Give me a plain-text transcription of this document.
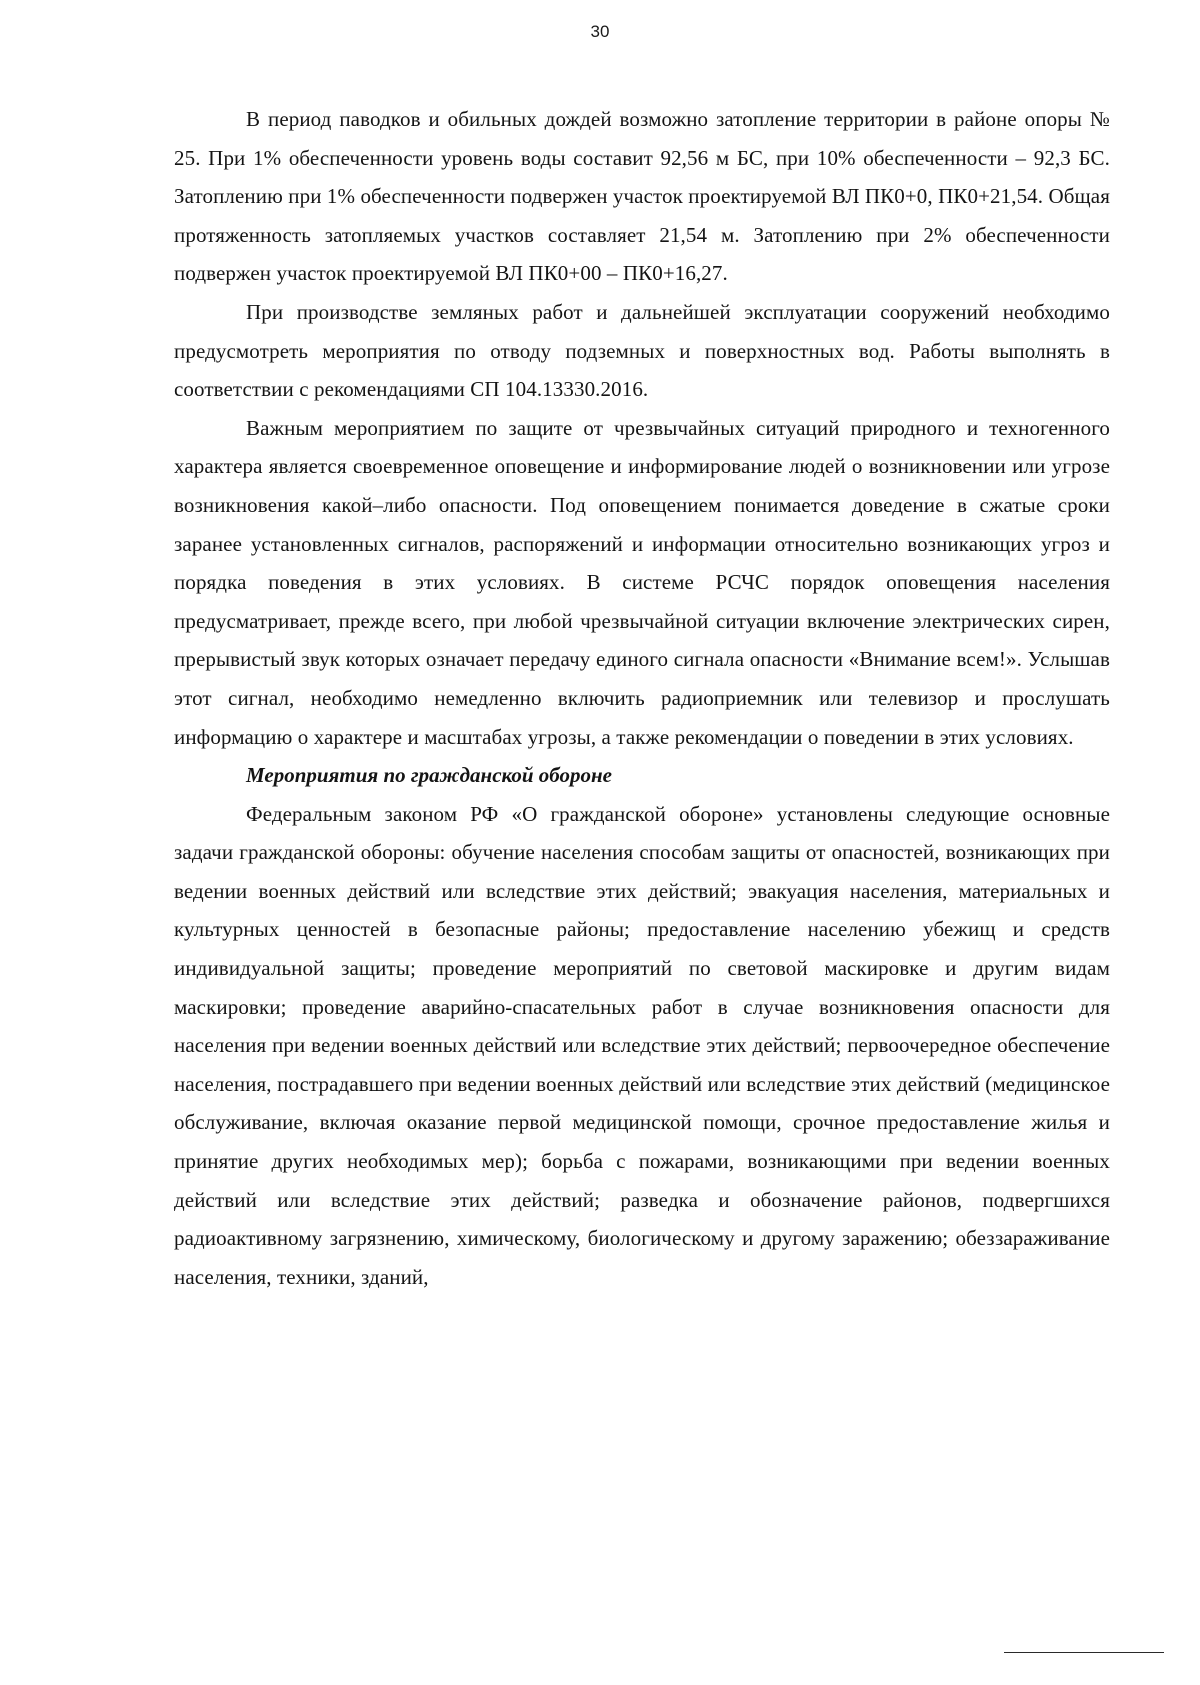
30

В период паводков и обильных дождей возможно затопление территории в районе опоры № 25. При 1% обеспеченности уровень воды составит 92,56 м БС, при 10% обеспеченности – 92,3 БС. Затоплению при 1% обеспеченности подвержен участок проектируемой ВЛ ПК0+0, ПК0+21,54. Общая протяженность затопляемых участков составляет 21,54 м. Затоплению при 2% обеспеченности подвержен участок проектируемой ВЛ ПК0+00 – ПК0+16,27.

При производстве земляных работ и дальнейшей эксплуатации сооружений необходимо предусмотреть мероприятия по отводу подземных и поверхностных вод. Работы выполнять в соответствии с рекомендациями СП 104.13330.2016.

Важным мероприятием по защите от чрезвычайных ситуаций природного и техногенного характера является своевременное оповещение и информирование людей о возникновении или угрозе возникновения какой–либо опасности. Под оповещением понимается доведение в сжатые сроки заранее установленных сигналов, распоряжений и информации относительно возникающих угроз и порядка поведения в этих условиях. В системе РСЧС порядок оповещения населения предусматривает, прежде всего, при любой чрезвычайной ситуации включение электрических сирен, прерывистый звук которых означает передачу единого сигнала опасности «Внимание всем!». Услышав этот сигнал, необходимо немедленно включить радиоприемник или телевизор и прослушать информацию о характере и масштабах угрозы, а также рекомендации о поведении в этих условиях.

Мероприятия по гражданской обороне

Федеральным законом РФ «О гражданской обороне» установлены следующие основные задачи гражданской обороны: обучение населения способам защиты от опасностей, возникающих при ведении военных действий или вследствие этих действий; эвакуация населения, материальных и культурных ценностей в безопасные районы; предоставление населению убежищ и средств индивидуальной защиты; проведение мероприятий по световой маскировке и другим видам маскировки; проведение аварийно-спасательных работ в случае возникновения опасности для населения при ведении военных действий или вследствие этих действий; первоочередное обеспечение населения, пострадавшего при ведении военных действий или вследствие этих действий (медицинское обслуживание, включая оказание первой медицинской помощи, срочное предоставление жилья и принятие других необходимых мер); борьба с пожарами, возникающими при ведении военных действий или вследствие этих действий; разведка и обозначение районов, подвергшихся радиоактивному загрязнению, химическому, биологическому и другому заражению; обеззараживание населения, техники, зданий,
